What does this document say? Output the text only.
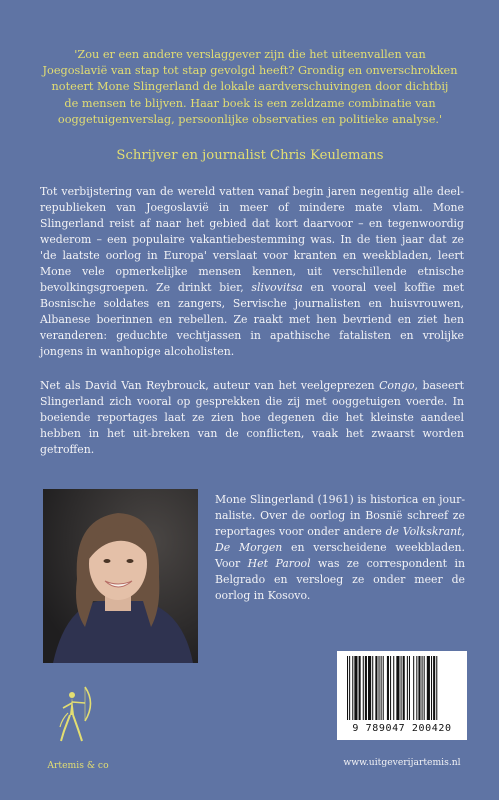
'Zou er een andere verslaggever zijn die het uiteenvallen van
Joegoslavië van stap tot stap gevolgd heeft? Grondig en onverschrokken
noteert Mone Slingerland de lokale aardverschuivingen door dichtbij
de mensen te blijven. Haar boek is een zeldzame combinatie van
ooggetuigenverslag, persoonlijke observaties en politieke analyse.'
Schrijver en journalist Chris Keulemans
Tot verbijstering van de wereld vatten vanaf begin jaren negentig alle deel-republieken van Joegoslavië in meer of mindere mate vlam. Mone Slingerland reist af naar het gebied dat kort daarvoor – en tegenwoordig wederom – een populaire vakantiebestemming was. In de tien jaar dat ze 'de laatste oorlog in Europa' verslaat voor kranten en weekbladen, leert Mone vele opmerkelijke mensen kennen, uit verschillende etnische bevolkingsgroepen. Ze drinkt bier, slivovitsa en vooral veel koffie met Bosnische soldates en zangers, Servische journalisten en huisvrouwen, Albanese boerinnen en rebellen. Ze raakt met hen bevriend en ziet hen veranderen: geduchte vechtjassen in apathische fatalisten en vrolijke jongens in wanhopige alcoholisten.
Net als David Van Reybrouck, auteur van het veelgeprezen Congo, baseert Slingerland zich vooral op gesprekken die zij met ooggetuigen voerde. In boeiende reportages laat ze zien hoe degenen die het kleinste aandeel hebben in het uit-breken van de conflicten, vaak het zwaarst worden getroffen.
Mone Slingerland (1961) is historica en jour-naliste. Over de oorlog in Bosnië schreef ze reportages voor onder andere de Volkskrant, De Morgen en verscheidene weekbladen. Voor Het Parool was ze correspondent in Belgrado en versloeg ze onder meer de oorlog in Kosovo.
9 789047 200420
Artemis & co	www.uitgeverijartemis.nl
